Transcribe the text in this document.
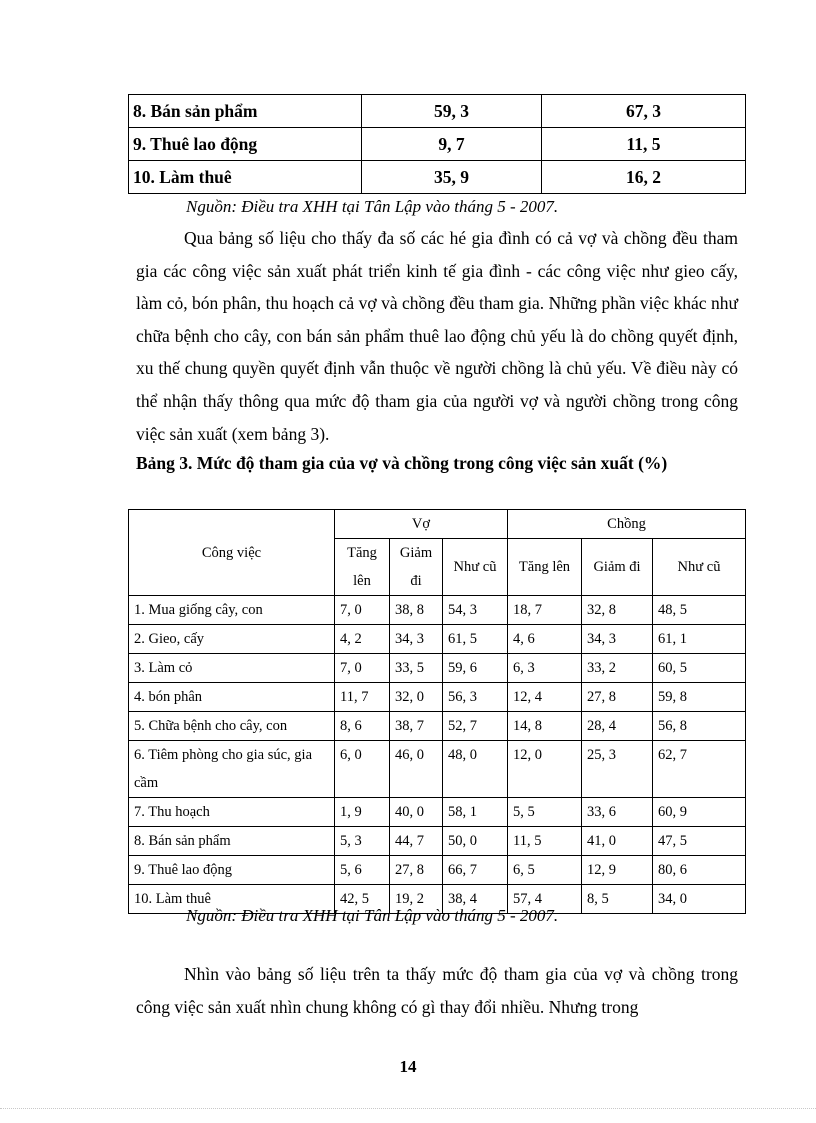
8. Bán sản phẩm	59, 3	67, 3
9. Thuê lao động	9, 7	11, 5
10. Làm thuê	35, 9	16, 2
Nguồn: Điều tra XHH tại Tân Lập vào tháng 5 - 2007.
Qua bảng số liệu cho thấy đa số các hé gia đình có cả vợ và chồng đều tham gia các công việc sản xuất phát triển kinh tế gia đình - các công việc như gieo cấy, làm cỏ, bón phân, thu hoạch cả vợ và chồng đều tham gia. Những phần việc khác như chữa bệnh cho cây, con bán sản phẩm thuê lao động chủ yếu là do chồng quyết định, xu thế chung quyền quyết định vẫn thuộc về người chồng là chủ yếu. Về điều này có thể nhận thấy thông qua mức độ tham gia của người vợ và người chồng trong công việc sản xuất (xem bảng 3).
Bảng 3. Mức độ tham gia của vợ và chồng trong công việc sản xuất (%)
Công việc	Vợ			Chồng		
	Tăng lên	Giảm đi	Như cũ	Tăng lên	Giảm đi	Như cũ
1. Mua giống cây, con	7, 0	38, 8	54, 3	18, 7	32, 8	48, 5
2. Gieo, cấy	4, 2	34, 3	61, 5	4, 6	34, 3	61, 1
3. Làm cỏ	7, 0	33, 5	59, 6	6, 3	33, 2	60, 5
4. bón phân	11, 7	32, 0	56, 3	12, 4	27, 8	59, 8
5. Chữa bệnh cho cây, con	8, 6	38, 7	52, 7	14, 8	28, 4	56, 8
6. Tiêm phòng cho gia súc, gia cầm	6, 0	46, 0	48, 0	12, 0	25, 3	62, 7
7. Thu hoạch	1, 9	40, 0	58, 1	5, 5	33, 6	60, 9
8. Bán sản phẩm	5, 3	44, 7	50, 0	11, 5	41, 0	47, 5
9. Thuê lao động	5, 6	27, 8	66, 7	6, 5	12, 9	80, 6
10. Làm thuê	42, 5	19, 2	38, 4	57, 4	8, 5	34, 0
Nguồn: Điều tra XHH tại Tân Lập vào tháng 5 - 2007.
Nhìn vào bảng số liệu trên ta thấy mức độ tham gia của vợ và chồng trong công việc sản xuất nhìn chung không có gì thay đổi nhiều. Nhưng trong
14
